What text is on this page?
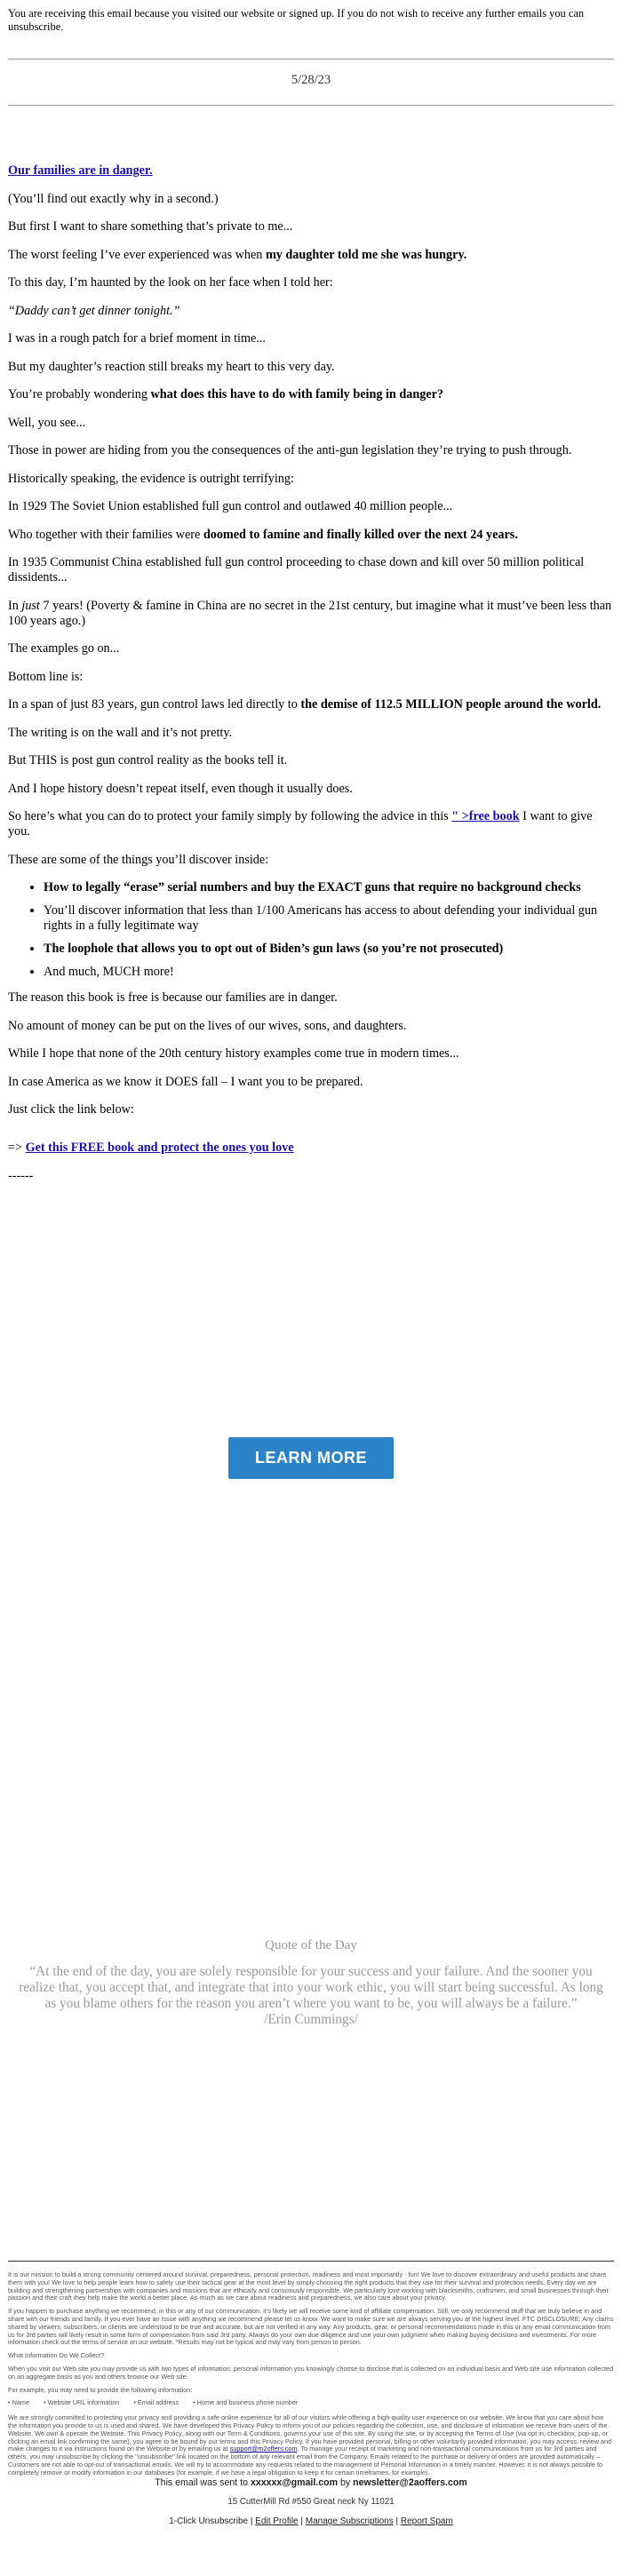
You are receiving this email because you visited our website or signed up. If you do not wish to receive any further emails you can unsubscribe.
5/28/23

Our families are in danger.

(You’ll find out exactly why in a second.)

But first I want to share something that’s private to me...

The worst feeling I’ve ever experienced was when my daughter told me she was hungry.

To this day, I’m haunted by the look on her face when I told her:

“Daddy can’t get dinner tonight.”

I was in a rough patch for a brief moment in time...

But my daughter’s reaction still breaks my heart to this very day.

You’re probably wondering what does this have to do with family being in danger?

Well, you see...

Those in power are hiding from you the consequences of the anti-gun legislation they’re trying to push through.

Historically speaking, the evidence is outright terrifying:

In 1929 The Soviet Union established full gun control and outlawed 40 million people...

Who together with their families were doomed to famine and finally killed over the next 24 years.

In 1935 Communist China established full gun control proceeding to chase down and kill over 50 million political dissidents...

In just 7 years! (Poverty & famine in China are no secret in the 21st century, but imagine what it must’ve been less than 100 years ago.)

The examples go on...

Bottom line is:

In a span of just 83 years, gun control laws led directly to the demise of 112.5 MILLION people around the world.

The writing is on the wall and it’s not pretty.

But THIS is post gun control reality as the books tell it.

And I hope history doesn’t repeat itself, even though it usually does.

So here’s what you can do to protect your family simply by following the advice in this " >free book I want to give you.

These are some of the things you’ll discover inside:

• How to legally “erase” serial numbers and buy the EXACT guns that require no background checks
• You’ll discover information that less than 1/100 Americans has access to about defending your individual gun rights in a fully legitimate way
• The loophole that allows you to opt out of Biden’s gun laws (so you’re not prosecuted)
• And much, MUCH more!

The reason this book is free is because our families are in danger.

No amount of money can be put on the lives of our wives, sons, and daughters.

While I hope that none of the 20th century history examples come true in modern times...

In case America as we know it DOES fall – I want you to be prepared.

Just click the link below:

=> Get this FREE book and protect the ones you love

------

LEARN MORE
Quote of the Day
“At the end of the day, you are solely responsible for your success and your failure. And the sooner you realize that, you accept that, and integrate that into your work ethic, you will start being successful. As long as you blame others for the reason you aren’t where you want to be, you will always be a failure.”
/Erin Cummings/

It is our mission to build a strong community centered around survival, preparedness, personal protection, readiness and most importantly - fun! We love to discover extraordinary and useful products and share them with you! We love to help people learn how to safely use their tactical gear at the most level by simply choosing the right products that they use for their survival and protection needs. Every day we are building and strengthening partnerships with companies and missions that are ethically and consciously responsible. We particularly love working with blacksmiths, craftsmen, and small businesses through their passion and their craft they help make the world a better place. As much as we care about readiness and preparedness, we also care about your privacy.

If you happen to purchase anything we recommend, in this or any of our communication, it's likely we will receive some kind of affiliate compensation. Still, we only recommend stuff that we truly believe in and share with our friends and family. If you ever have an issue with anything we recommend please let us know. We want to make sure we are always serving you at the highest level. FTC DISCLOSURE: Any claims shared by viewers, subscribers, or clients are understood to be true and accurate, but are not verified in any way. Any products, gear, or personal recommendations made in this or any email communication from us for 3rd parties will likely result in some form of compensation from said 3rd party. Always do your own due diligence and use your own judgment when making buying decisions and investments. For more information check out the terms of service on our website. *Results may not be typical and may vary from person to person.

What Information Do We Collect?

When you visit our Web site you may provide us with two types of information: personal information you knowingly choose to disclose that is collected on an individual basis and Web site use information collected on an aggregate basis as you and others browse our Web site.

For example, you may need to provide the following information:

• Name • Website URL information • Email address • Home and business phone number

We are strongly committed to protecting your privacy and providing a safe online experience for all of our visitors while offering a high-quality user experience on our website. We know that you care about how the information you provide to us is used and shared. We have developed this Privacy Policy to inform you of our policies regarding the collection, use, and disclosure of information we receive from users of the Website. We own & operate the Website. This Privacy Policy, along with our Term & Conditions, governs your use of this site. By using the site, or by accepting the Terms of Use (via opt in, checkbox, pop-up, or clicking an email link confirming the same), you agree to be bound by our terms and this Privacy Policy. If you have provided personal, billing or other voluntarily provided information, you may access, review and make changes to it via instructions found on the Website or by emailing us at support@m2offers.com. To manage your receipt of marketing and non-transactional communications from us for 3rd parties and others, you may unsubscribe by clicking the "unsubscribe" link located on the bottom of any relevant email from the Company. Emails related to the purchase or delivery of orders are provided automatically – Customers are not able to opt-out of transactional emails. We will try to accommodate any requests related to the management of Personal Information in a timely manner. However, it is not always possible to completely remove or modify information in our databases (for example, if we have a legal obligation to keep it for certain timeframes, for example).

This email was sent to xxxxxx@gmail.com by newsletter@2aoffers.com
15 CutterMill Rd #550 Great neck Ny 11021
1-Click Unsubscribe | Edit Profile | Manage Subscriptions | Report Spam
